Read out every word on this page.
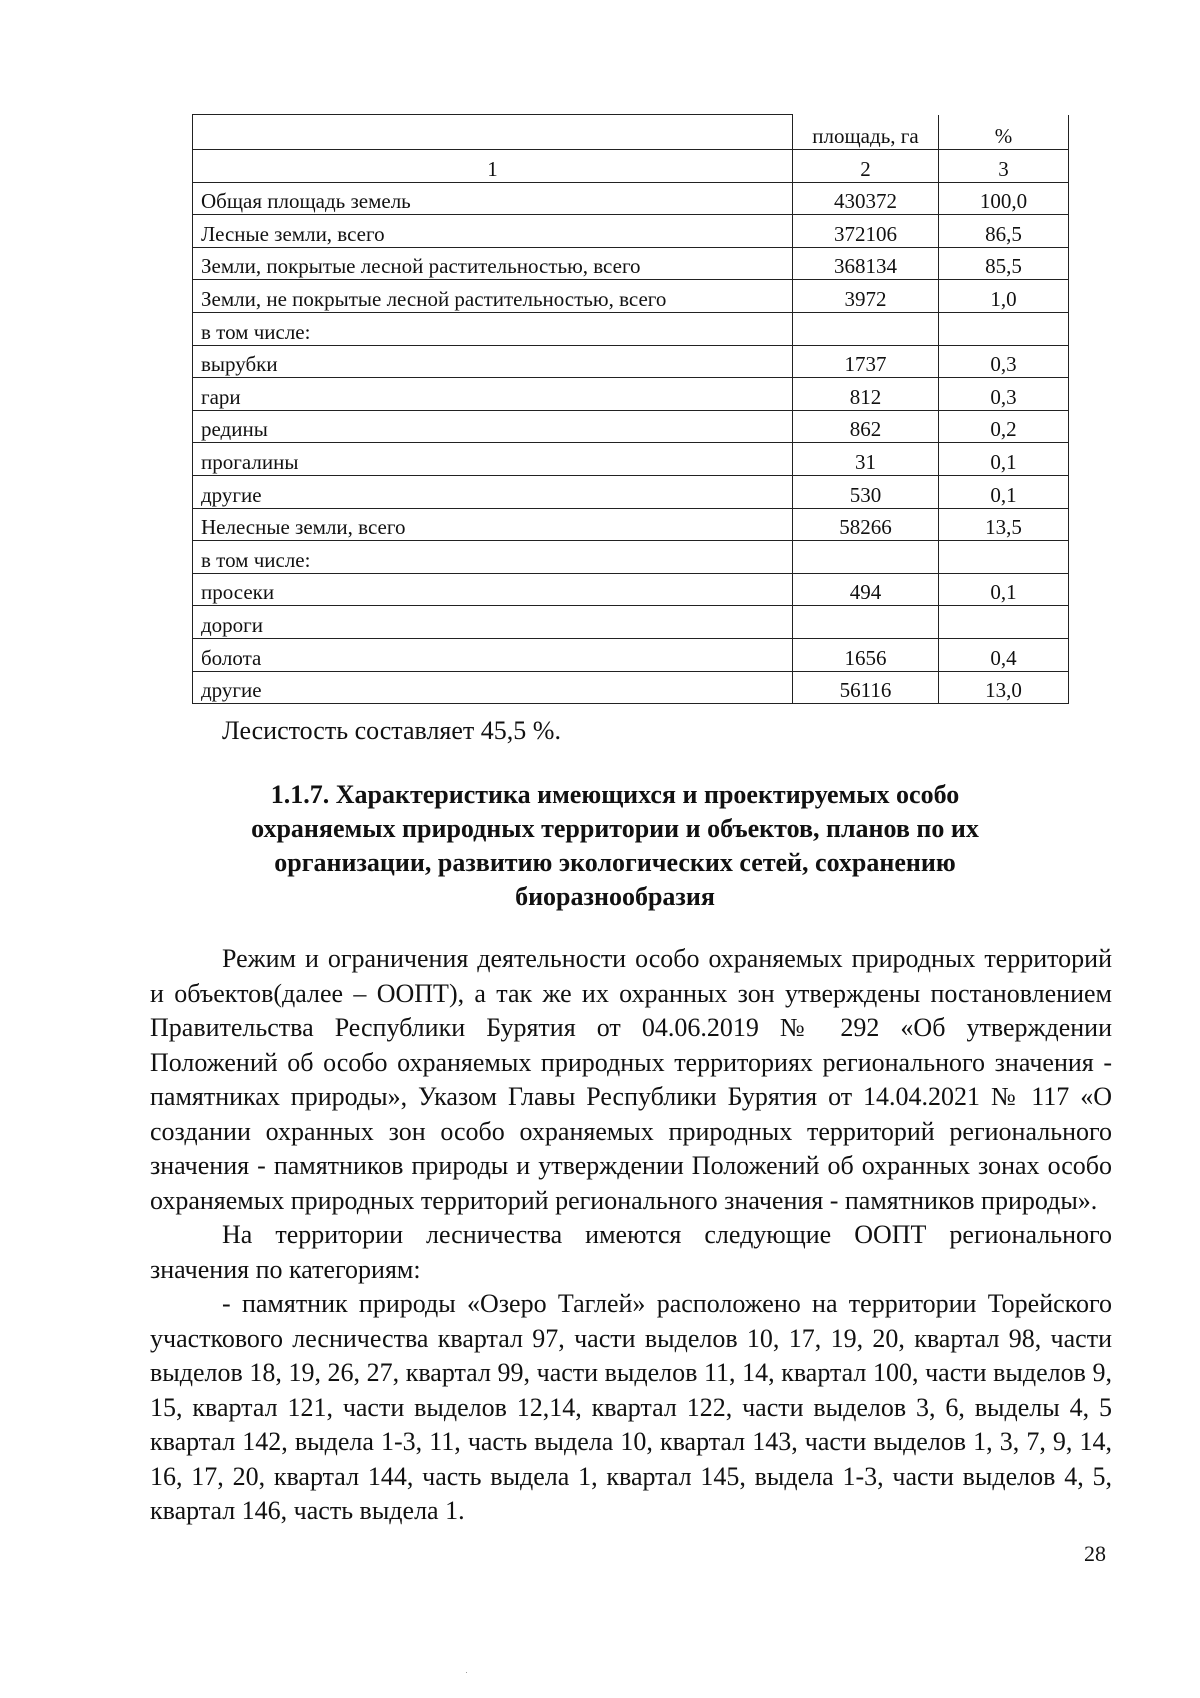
	площадь, га	%
1	2	3
Общая площадь земель	430372	100,0
Лесные земли, всего	372106	86,5
Земли, покрытые лесной растительностью, всего	368134	85,5
Земли, не покрытые лесной растительностью, всего	3972	1,0
в том числе:		
вырубки	1737	0,3
гари	812	0,3
редины	862	0,2
прогалины	31	0,1
другие	530	0,1
Нелесные земли, всего	58266	13,5
в том числе:		
просеки	494	0,1
дороги		
болота	1656	0,4
другие	56116	13,0
Лесистость составляет 45,5 %.
1.1.7. Характеристика имеющихся и проектируемых особо
охраняемых природных территории и объектов, планов по их
организации, развитию экологических сетей, сохранению
биоразнообразия

Режим и ограничения деятельности особо охраняемых природных территорий и объектов(далее – ООПТ), а так же их охранных зон утверждены постановлением Правительства Республики Бурятия от 04.06.2019 № 292 «Об утверждении Положений об особо охраняемых природных территориях регионального значения - памятниках природы», Указом Главы Республики Бурятия от 14.04.2021 № 117 «О создании охранных зон особо охраняемых природных территорий регионального значения - памятников природы и утверждении Положений об охранных зонах особо охраняемых природных территорий регионального значения - памятников природы».

На территории лесничества имеются следующие ООПТ регионального значения по категориям:

- памятник природы «Озеро Таглей» расположено на территории Торейского участкового лесничества квартал 97, части выделов 10, 17, 19, 20, квартал 98, части выделов 18, 19, 26, 27, квартал 99, части выделов 11, 14, квартал 100, части выделов 9, 15, квартал 121, части выделов 12,14, квартал 122, части выделов 3, 6, выделы 4, 5 квартал 142, выдела 1-3, 11, часть выдела 10, квартал 143, части выделов 1, 3, 7, 9, 14, 16, 17, 20, квартал 144, часть выдела 1, квартал 145, выдела 1-3, части выделов 4, 5, квартал 146, часть выдела 1.

28
